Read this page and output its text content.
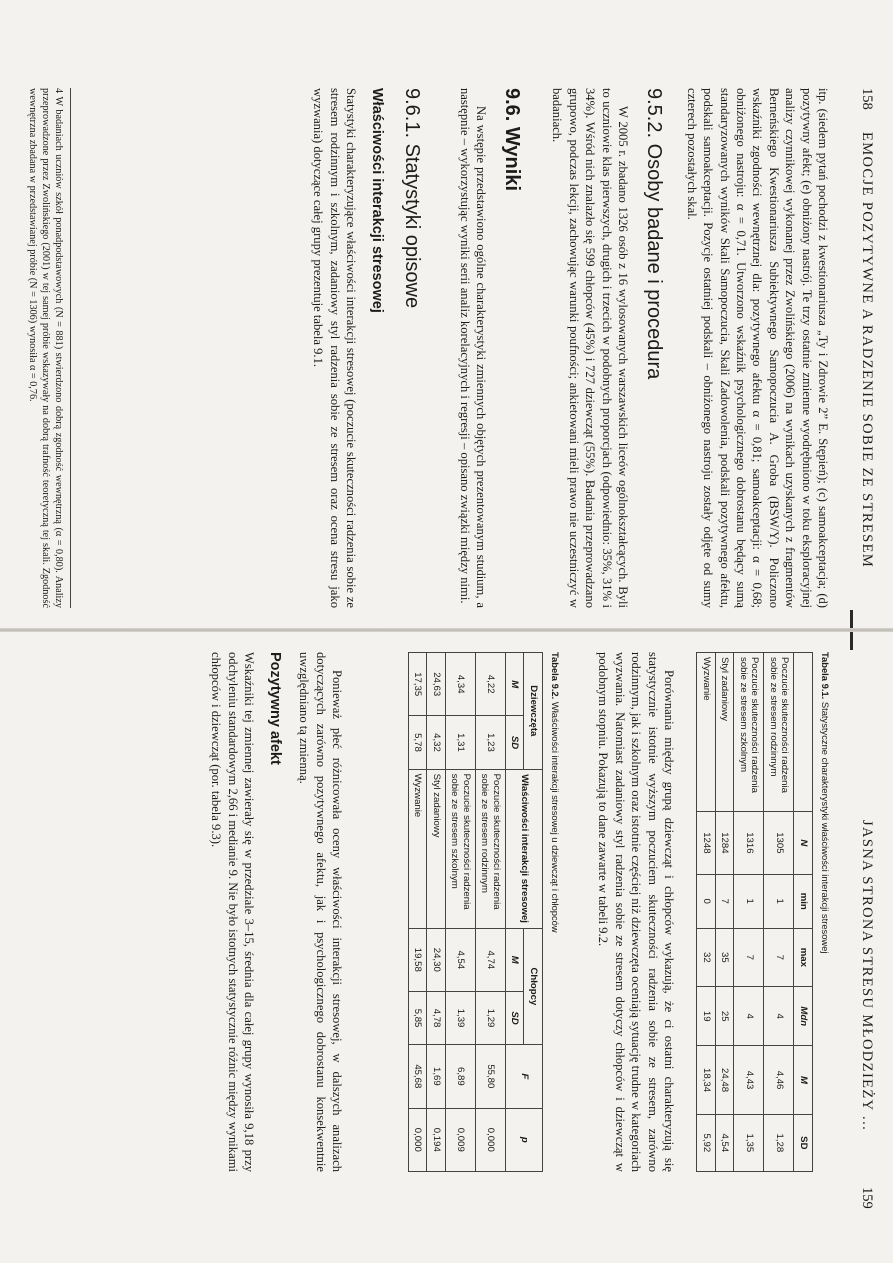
158
EMOCJE POZYTYWNE A RADZENIE SOBIE ZE STRESEM

itp. (siedem pytań pochodzi z kwestionariusza „Ty i Zdrowie 2” E. Stępień); (c) samoakceptacja; (d) pozytywny afekt; (e) obniżony nastrój. Te trzy ostatnie zmienne wyodrębniono w toku eksploracyjnej analizy czynnikowej wykonanej przez Zwolińskiego (2006) na wynikach uzyskanych z fragmentów Berneńskiego Kwestionariusza Subiektywnego Samopoczucia A. Groba (BSW/Y). Policzono wskaźniki zgodności wewnętrznej dla: pozytywnego afektu α = 0,81; samoakceptacji: α = 0,68; obniżonego nastroju: α = 0,71. Utworzono wskaźnik psychologicznego dobrostanu będący sumą standaryzowanych wyników Skali Samopoczucia, Skali Zadowolenia, podskali pozytywnego afektu, podskali samoakceptacji. Pozycje ostatniej podskali – obniżonego nastroju zostały odjęte od sumy czterech pozostałych skal.

9.5.2. Osoby badane i procedura

W 2005 r. zbadano 1326 osób z 16 wylosowanych warszawskich liceów ogólnokształcących. Byli to uczniowie klas pierwszych, drugich i trzecich w podobnych proporcjach (odpowiednio: 35%, 31% i 34%). Wśród nich znalazło się 599 chłopców (45%) i 727 dziewcząt (55%). Badania przeprowadzano grupowo, podczas lekcji, zachowując warunki poufności; ankietowani mieli prawo nie uczestniczyć w badaniach.

9.6. Wyniki

Na wstępie przedstawiono ogólne charakterystyki zmiennych objętych prezentowanym studium, a następnie – wykorzystując wyniki serii analiz korelacyjnych i regresji – opisano związki między nimi.

9.6.1. Statystyki opisowe
Właściwości interakcji stresowej

Statystyki charakteryzujące właściwości interakcji stresowej (poczucie skuteczności radzenia sobie ze stresem rodzinnym i szkolnym, zadaniowy styl radzenia sobie ze stresem oraz ocena stresu jako wyzwania) dotyczące całej grupy prezentuje tabela 9.1.

4 W badaniach uczniów szkół ponadpodstawowych (N = 881) stwierdzono dobrą zgodność wewnętrzną (α = 0,80). Analizy przeprowadzone przez Zwolińskiego (2001) w tej samej próbie wskazywały na dobrą trafność teoretyczną tej skali. Zgodność wewnętrzna zbadana w przedstawianej próbie (N = 1306) wynosiła α = 0,76.

JASNA STRONA STRESU MŁODZIEŻY ...
159
Tabela 9.1. Statystyczne charakterystyki właściwości interakcji stresowej
	N	min	max	Mdn	M	SD
Poczucie skuteczności radzenia sobie ze stresem rodzinnym	1305	1	7	4	4,46	1,28
Poczucie skuteczności radzenia sobie ze stresem szkolnym	1316	1	7	4	4,43	1,35
Styl zadaniowy	1284	7	35	25	24,48	4,54
Wyzwanie	1248	0	32	19	18,34	5,92

Porównania między grupą dziewcząt i chłopców wykazują, że ci ostatni charakteryzują się statystycznie istotnie wyższym poczuciem skuteczności radzenia sobie ze stresem, zarówno rodzinnym, jak i szkolnym oraz istotnie częściej niż dziewczęta oceniają sytuację trudne w kategoriach wyzwania. Natomiast zadaniowy styl radzenia sobie ze stresem dotyczy chłopców i dziewcząt w podobnym stopniu. Pokazują to dane zawarte w tabeli 9.2.

Tabela 9.2. Właściwości interakcji stresowej u dziewcząt i chłopców
Dziewczęta		Właściwości interakcji stresowej	Chłopcy		F	p
M	SD		M	SD		
4,22	1,23	Poczucie skuteczności radzenia sobie ze stresem rodzinnym	4,74	1,29	55,80	0,000
4,34	1,31	Poczucie skuteczności radzenia sobie ze stresem szkolnym	4,54	1,39	6,89	0,009
24,63	4,32	Styl zadaniowy	24,30	4,78	1,69	0,194
17,35	5,78	Wyzwanie	19,58	5,85	45,68	0,000

Ponieważ płeć różnicowała oceny właściwości interakcji stresowej, w dalszych analizach dotyczących zarówno pozytywnego afektu, jak i psychologicznego dobrostanu konsekwentnie uwzględniano tą zmienną.

Pozytywny afekt

Wskaźniki tej zmiennej zawierały się w przedziale 3–15, średnia dla całej grupy wynosiła 9,18 przy odchyleniu standardowym 2,66 i medianie 9. Nie było istotnych statystycznie różnic między wynikami chłopców i dziewcząt (por. tabela 9.3).
